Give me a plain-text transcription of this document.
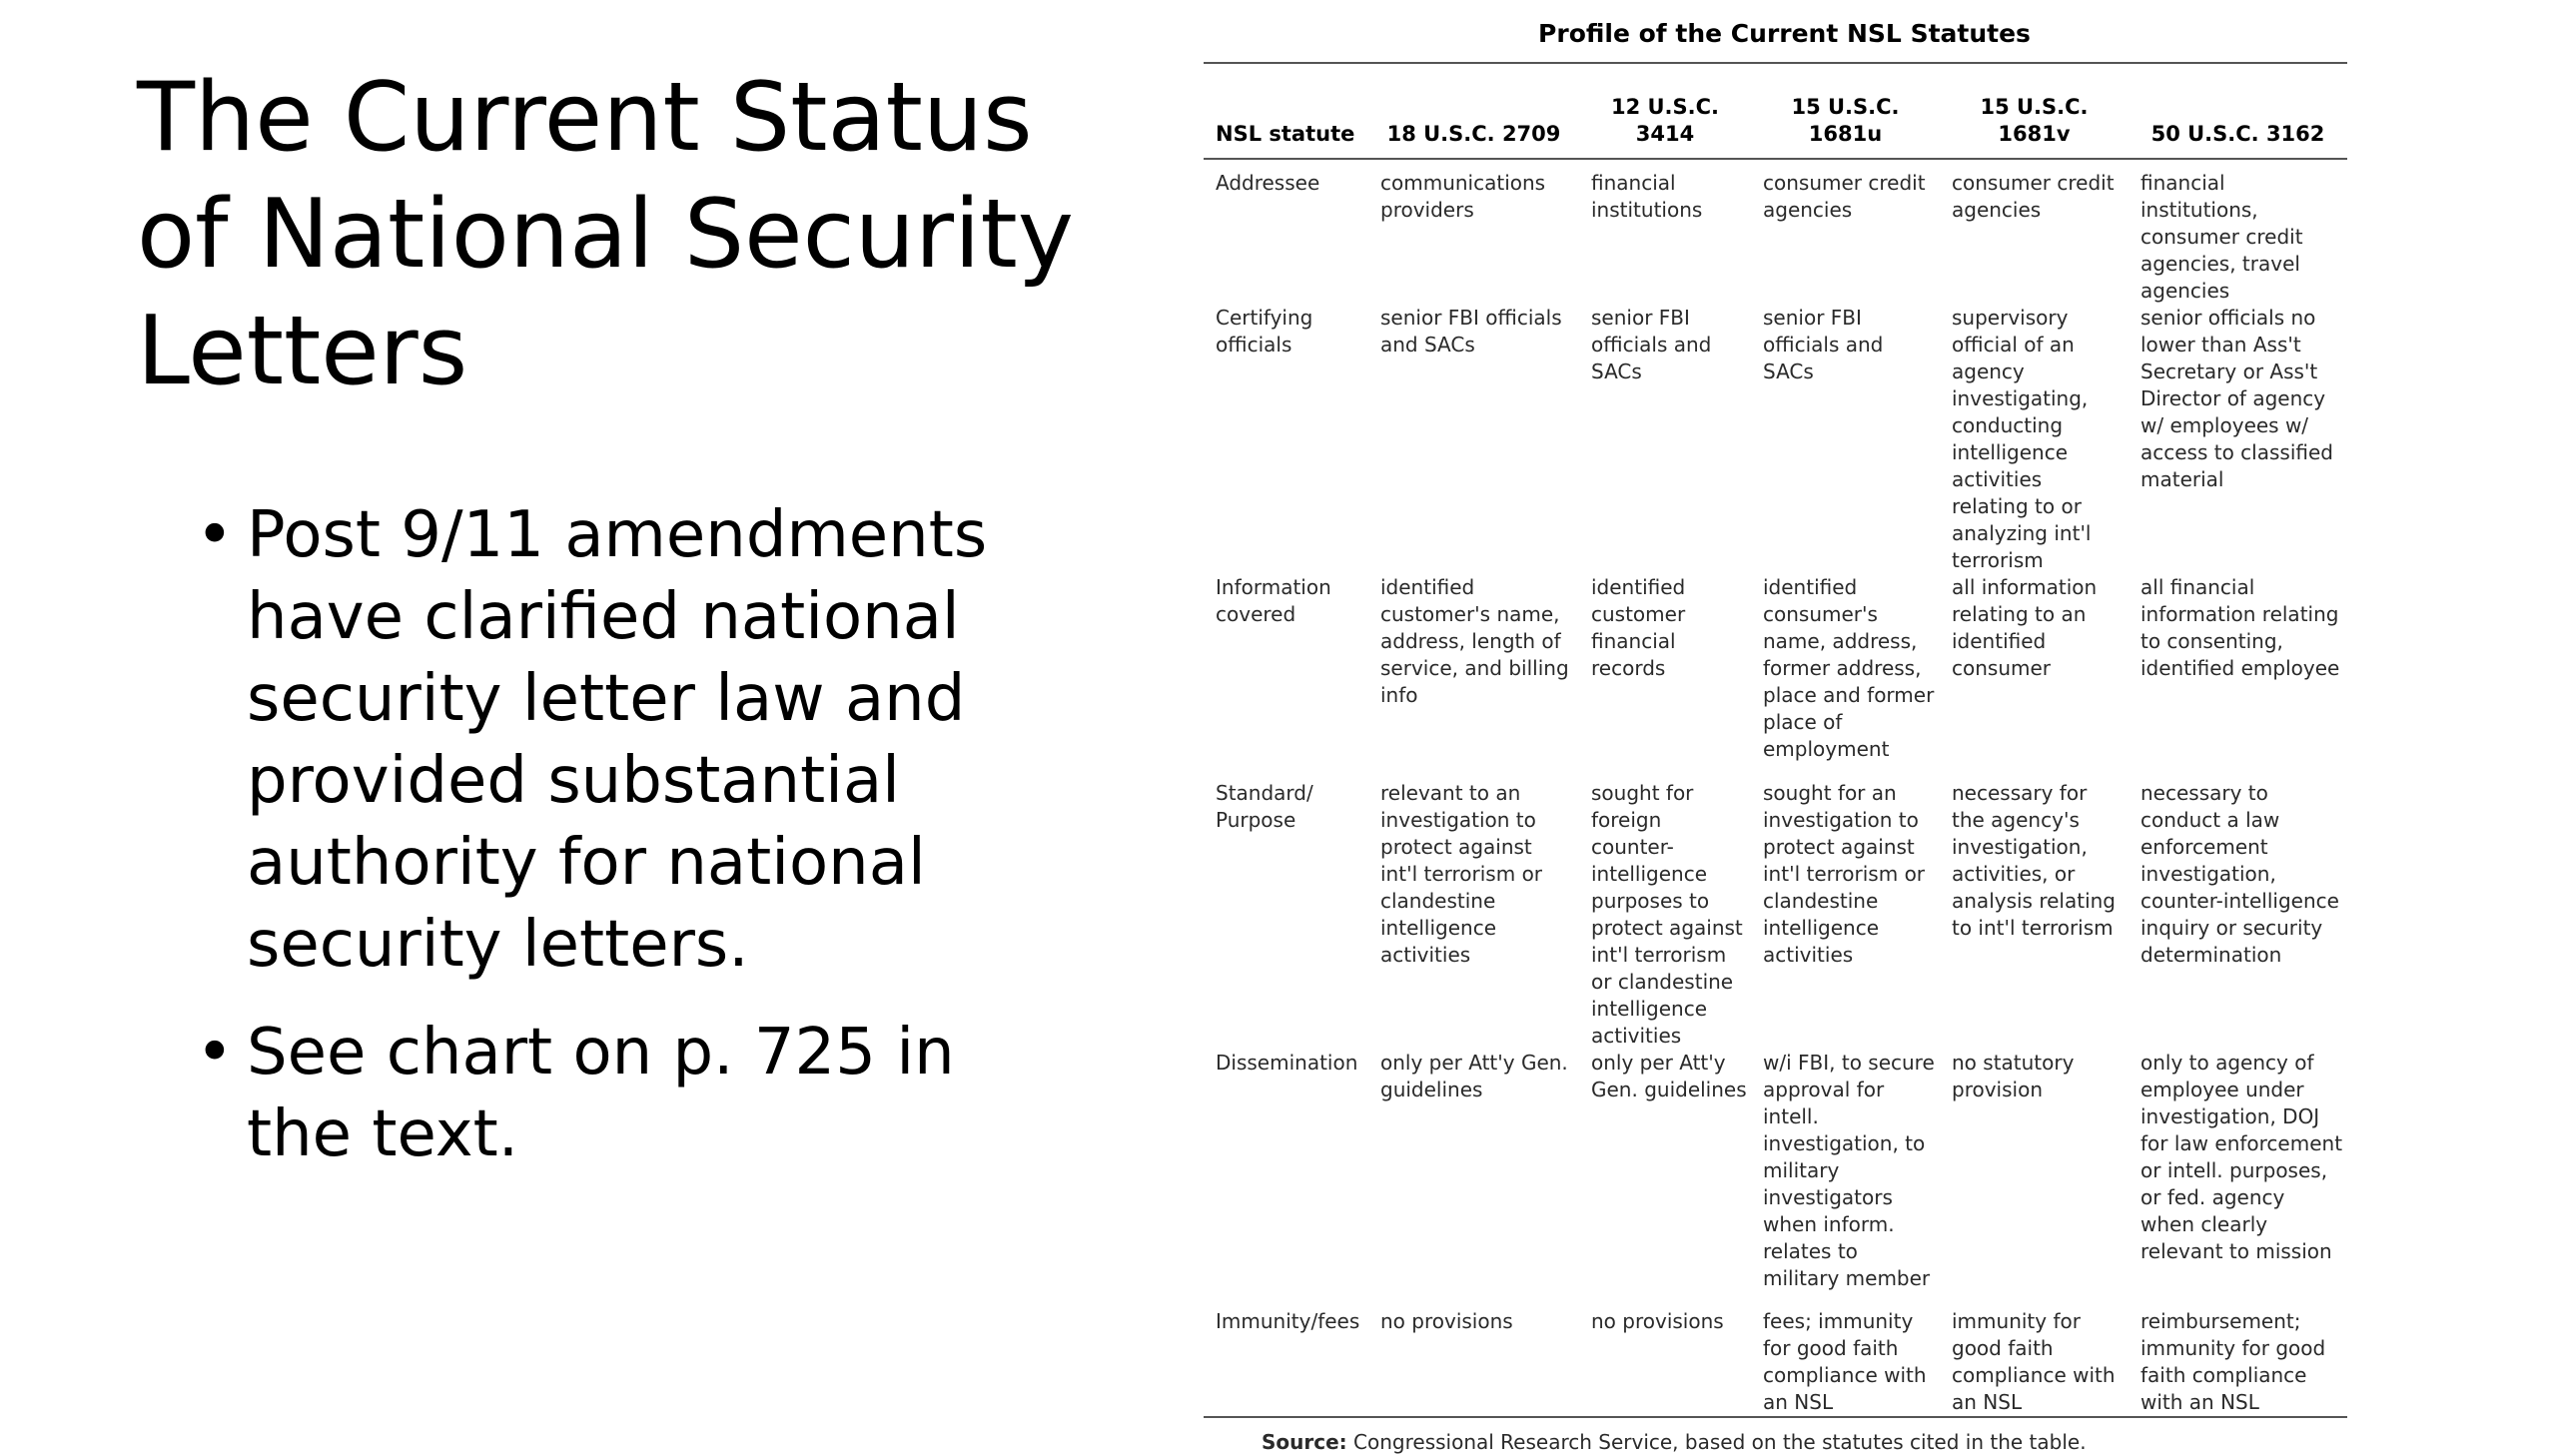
The Current Status of National Security Letters
• Post 9/11 amendments have clarified national security letter law and provided substantial authority for national security letters.
• See chart on p. 725 in the text.
Profile of the Current NSL Statutes
NSL statute	18 U.S.C. 2709	12 U.S.C. 3414	15 U.S.C. 1681u	15 U.S.C. 1681v	50 U.S.C. 3162
Addressee	communications providers	financial institutions	consumer credit agencies	consumer credit agencies	financial institutions, consumer credit agencies, travel agencies
Certifying officials	senior FBI officials and SACs	senior FBI officials and SACs	senior FBI officials and SACs	supervisory official of an agency investigating, conducting intelligence activities relating to or analyzing int'l terrorism	senior officials no lower than Ass't Secretary or Ass't Director of agency w/ employees w/ access to classified material
Information covered	identified customer's name, address, length of service, and billing info	identified customer financial records	identified consumer's name, address, former address, place and former place of employment	all information relating to an identified consumer	all financial information relating to consenting, identified employee
Standard/ Purpose	relevant to an investigation to protect against int'l terrorism or clandestine intelligence activities	sought for foreign counter-intelligence purposes to protect against int'l terrorism or clandestine intelligence activities	sought for an investigation to protect against int'l terrorism or clandestine intelligence activities	necessary for the agency's investigation, activities, or analysis relating to int'l terrorism	necessary to conduct a law enforcement investigation, counter-intelligence inquiry or security determination
Dissemination	only per Att'y Gen. guidelines	only per Att'y Gen. guidelines	w/i FBI, to secure approval for intell. investigation, to military investigators when inform. relates to military member	no statutory provision	only to agency of employee under investigation, DOJ for law enforcement or intell. purposes, or fed. agency when clearly relevant to mission
Immunity/fees	no provisions	no provisions	fees; immunity for good faith compliance with an NSL	immunity for good faith compliance with an NSL	reimbursement; immunity for good faith compliance with an NSL
Source: Congressional Research Service, based on the statutes cited in the table.
